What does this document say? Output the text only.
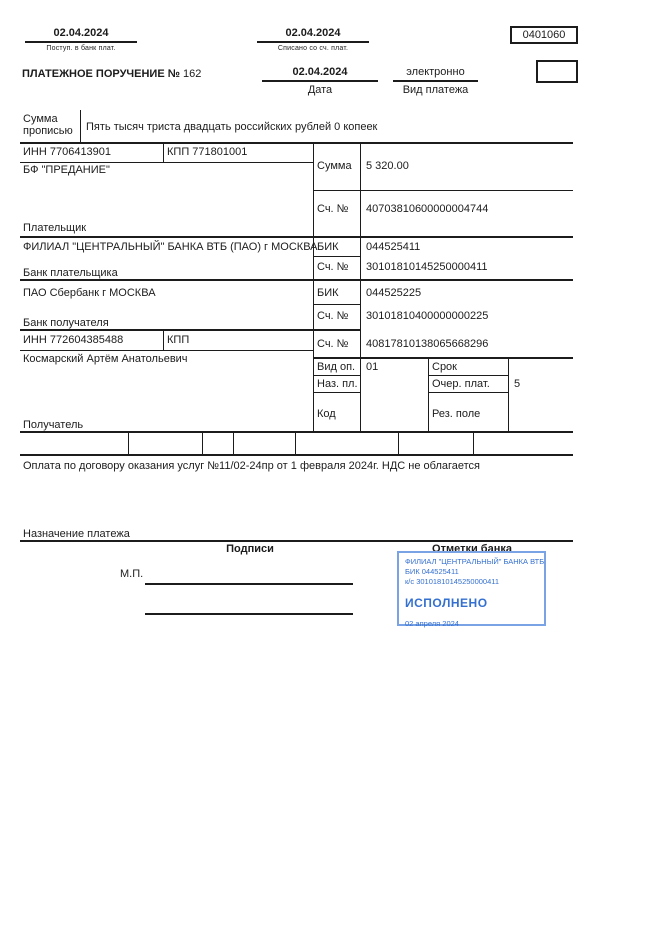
02.04.2024
Поступ. в банк плат.
02.04.2024
Списано со сч. плат.
0401060
ПЛАТЕЖНОЕ ПОРУЧЕНИЕ № 162	02.04.2024
Дата
электронно
Вид платежа
Сумма прописью	Пять тысяч триста двадцать российских рублей 0 копеек
ИНН 7706413901	КПП 771801001
Сумма 5 320.00
Сч. № 40703810600000004744
БФ "ПРЕДАНИЕ"
Плательщик
ФИЛИАЛ "ЦЕНТРАЛЬНЫЙ" БАНКА ВТБ (ПАО) г МОСКВА БИК 044525411
Сч. № 30101810145250000411
Банк плательщика
ПАО Сбербанк г МОСКВА	БИК 044525225
Сч. № 30101810400000000225
Банк получателя
ИНН 772604385488	КПП	Сч. № 40817810138065668296
Космарский Артём Анатольевич
Вид оп. 01	Срок
Наз. пл.	Очер. плат. 5
Код	Рез. поле
Получатель
Оплата по договору оказания услуг №11/02-24пр от 1 февраля 2024г. НДС не облагается
Назначение платежа
Подписи	Отметки банка
М.П.
ФИЛИАЛ "ЦЕНТРАЛЬНЫЙ" БАНКА ВТБ
БИК 044525411
к/с 30101810145250000411
ИСПОЛНЕНО
02 апреля 2024
